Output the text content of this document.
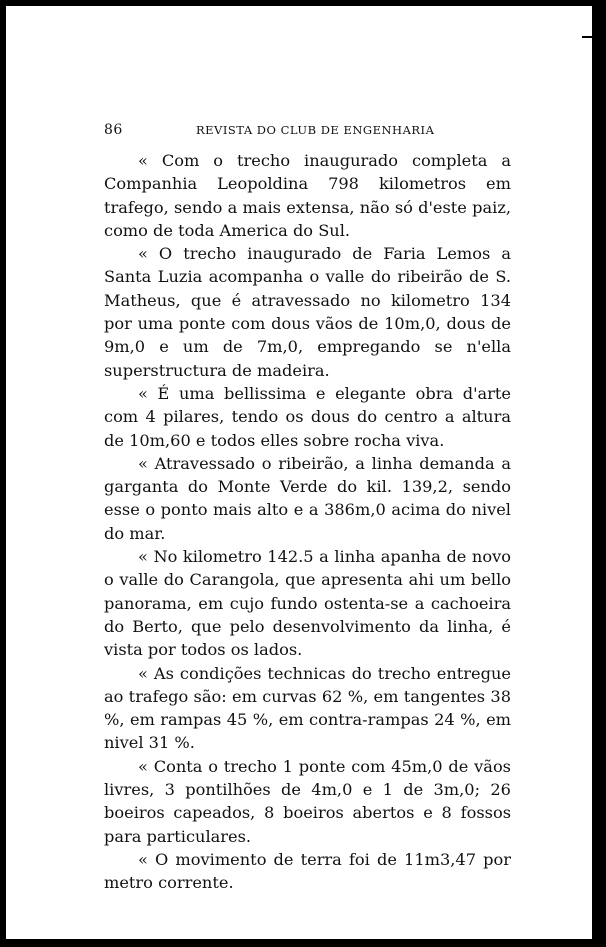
86	REVISTA DO CLUB DE ENGENHARIA

« Com o trecho inaugurado completa a Companhia Leopoldina 798 kilometros em trafego, sendo a mais extensa, não só d'este paiz, como de toda America do Sul.

« O trecho inaugurado de Faria Lemos a Santa Luzia acompanha o valle do ribeirão de S. Matheus, que é atravessado no kilometro 134 por uma ponte com dous vãos de 10m,0, dous de 9m,0 e um de 7m,0, empregando se n'ella superstructura de madeira.

« É uma bellissima e elegante obra d'arte com 4 pilares, tendo os dous do centro a altura de 10m,60 e todos elles sobre rocha viva.

« Atravessado o ribeirão, a linha demanda a garganta do Monte Verde do kil. 139,2, sendo esse o ponto mais alto e a 386m,0 acima do nivel do mar.

« No kilometro 142.5 a linha apanha de novo o valle do Carangola, que apresenta ahi um bello panorama, em cujo fundo ostenta-se a cachoeira do Berto, que pelo desenvolvimento da linha, é vista por todos os lados.

« As condições technicas do trecho entregue ao trafego são: em curvas 62 %, em tangentes 38 %, em rampas 45 %, em contra-rampas 24 %, em nivel 31 %.

« Conta o trecho 1 ponte com 45m,0 de vãos livres, 3 pontilhões de 4m,0 e 1 de 3m,0; 26 boeiros capeados, 8 boeiros abertos e 8 fossos para particulares.

« O movimento de terra foi de 11m3,47 por metro corrente.
